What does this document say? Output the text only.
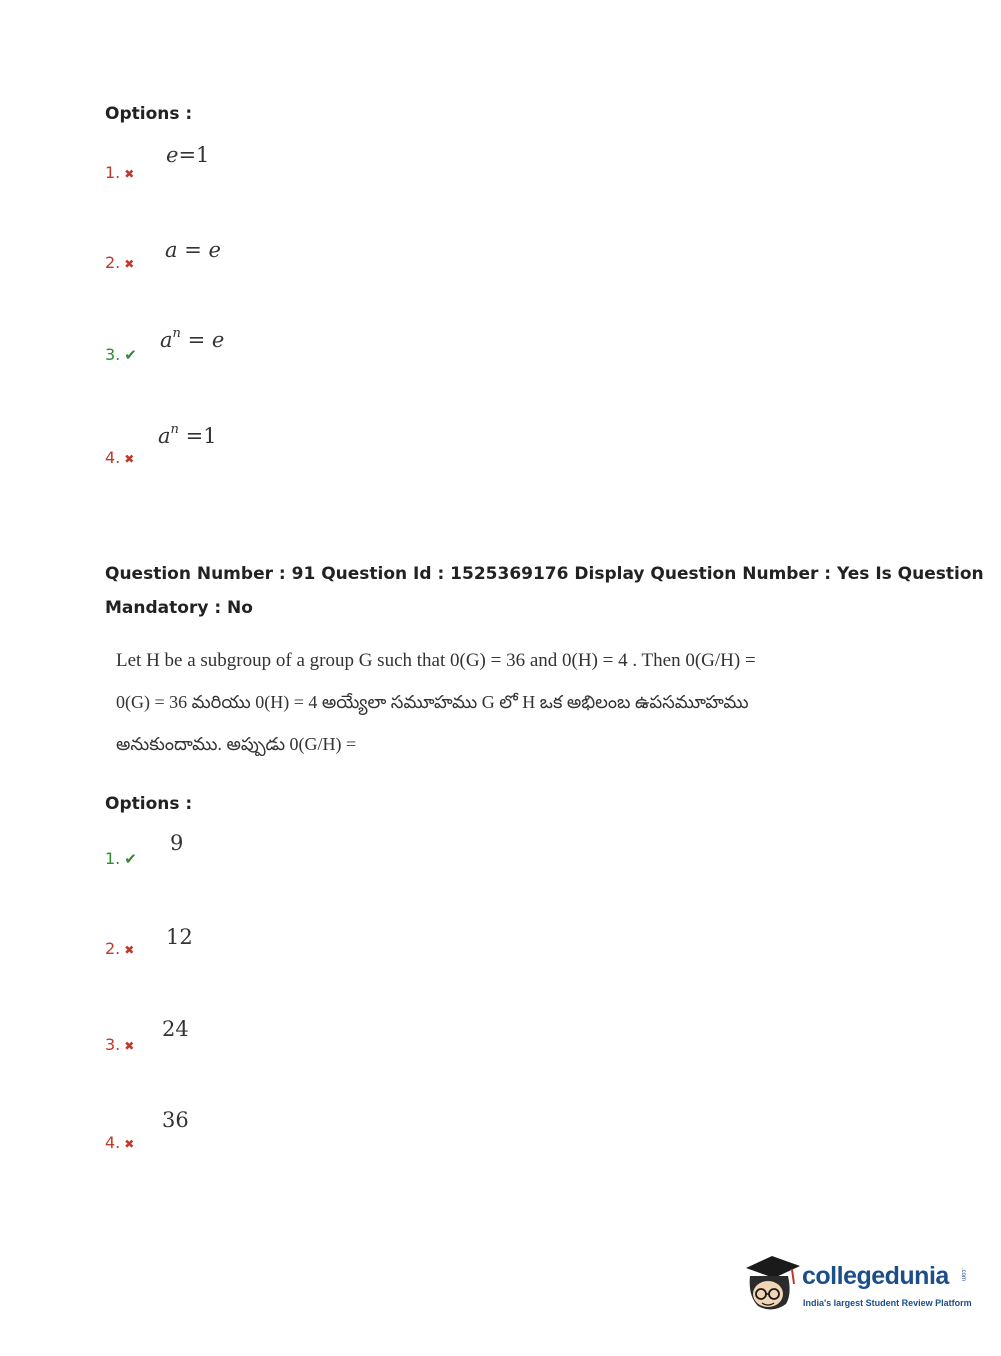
Options :
1. ✖
e=1
2. ✖
a = e
3. ✔
$a^n = e$
4. ✖
$a^n =1$
Question Number : 91 Question Id : 1525369176 Display Question Number : Yes Is Question
Mandatory : No
Let H be a subgroup of a group G such that 0(G) = 36 and 0(H) = 4 . Then 0(G/H) =
0(G) = 36 మరియు 0(H) = 4 అయ్యేలా సమూహము G లో H ఒక అభిలంబ ఉపసమూహము
అనుకుందాము. అప్పుడు 0(G/H) =
Options :
1. ✔
9
2. ✖
12
3. ✖
24
4. ✖
36
collegedunia .com
India's largest Student Review Platform
